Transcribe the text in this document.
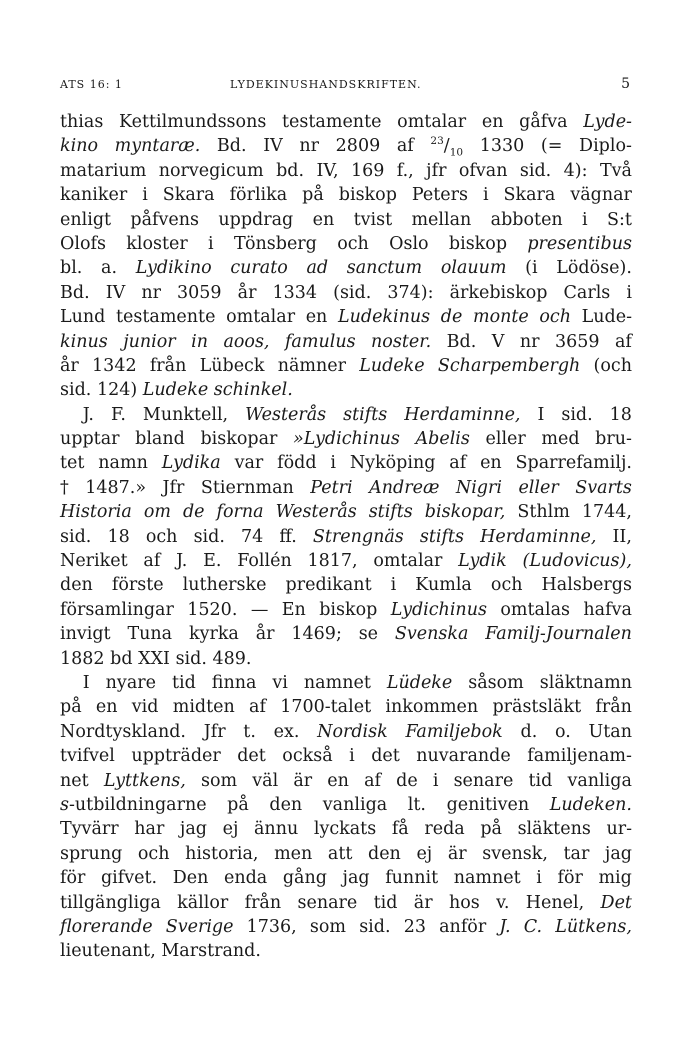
ATS 16: 1	LYDEKINUSHANDSKRIFTEN.	5
thias Kettilmundssons testamente omtalar en gåfva Lyde-
kino myntaræ. Bd. IV nr 2809 af $^{23}/_{10}$ 1330 (= Diplo-
matarium norvegicum bd. IV, 169 f., jfr ofvan sid. 4): Två
kaniker i Skara förlika på biskop Peters i Skara vägnar
enligt påfvens uppdrag en tvist mellan abboten i S:t
Olofs kloster i Tönsberg och Oslo biskop presentibus
bl. a. Lydikino curato ad sanctum olauum (i Lödöse).
Bd. IV nr 3059 år 1334 (sid. 374): ärkebiskop Carls i
Lund testamente omtalar en Ludekinus de monte och Lude-
kinus junior in aoos, famulus noster. Bd. V nr 3659 af
år 1342 från Lübeck nämner Ludeke Scharpembergh (och
sid. 124) Ludeke schinkel.
J. F. Munktell, Westerås stifts Herdaminne, I sid. 18
upptar bland biskopar »Lydichinus Abelis eller med bru-
tet namn Lydika var född i Nyköping af en Sparrefamilj.
† 1487.» Jfr Stiernman Petri Andreæ Nigri eller Svarts
Historia om de forna Westerås stifts biskopar, Sthlm 1744,
sid. 18 och sid. 74 ff. Strengnäs stifts Herdaminne, II,
Neriket af J. E. Follén 1817, omtalar Lydik (Ludovicus),
den förste lutherske predikant i Kumla och Halsbergs
församlingar 1520. — En biskop Lydichinus omtalas hafva
invigt Tuna kyrka år 1469; se Svenska Familj-Journalen
1882 bd XXI sid. 489.
I nyare tid finna vi namnet Lüdeke såsom släktnamn
på en vid midten af 1700-talet inkommen prästsläkt från
Nordtyskland. Jfr t. ex. Nordisk Familjebok d. o. Utan
tvifvel uppträder det också i det nuvarande familjenam-
net Lyttkens, som väl är en af de i senare tid vanliga
s-utbildningarne på den vanliga lt. genitiven Ludeken.
Tyvärr har jag ej ännu lyckats få reda på släktens ur-
sprung och historia, men att den ej är svensk, tar jag
för gifvet. Den enda gång jag funnit namnet i för mig
tillgängliga källor från senare tid är hos v. Henel, Det
florerande Sverige 1736, som sid. 23 anför J. C. Lütkens,
lieutenant, Marstrand.
